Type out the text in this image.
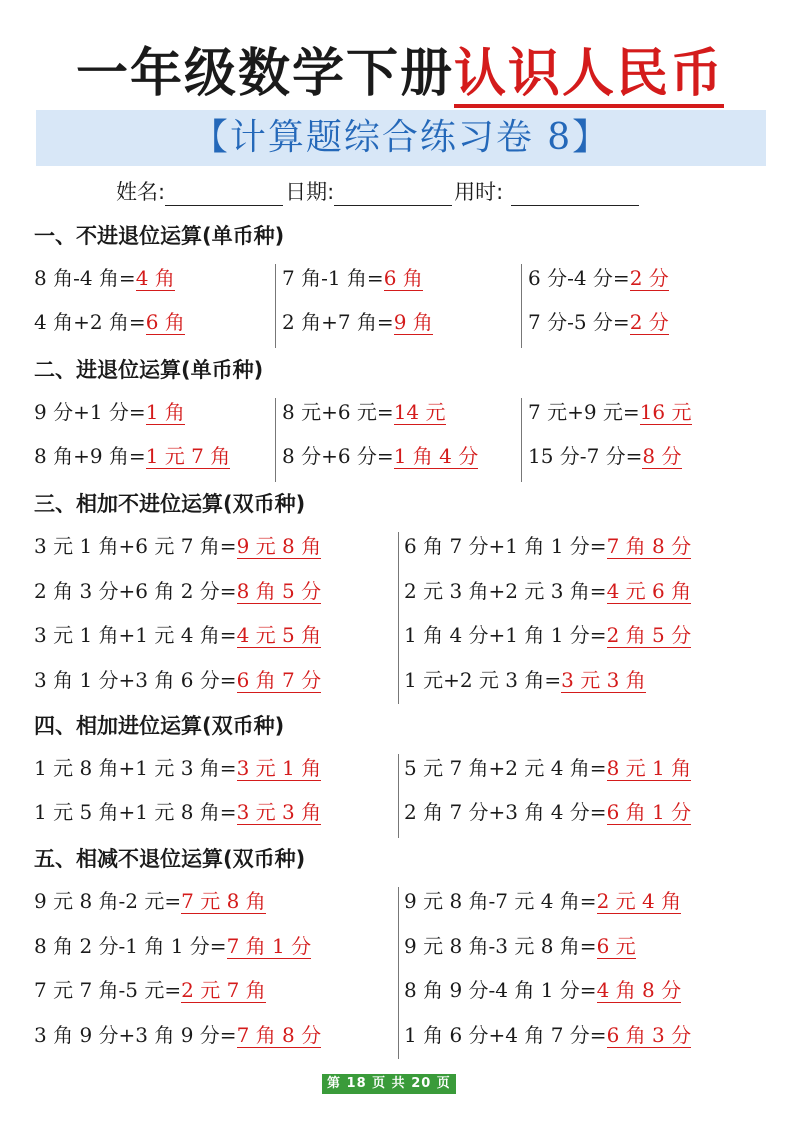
一年级数学下册认识人民币
【计算题综合练习卷 8】
姓名:	日期:	用时:
一、不进退位运算(单币种)
8 角-4 角=4 角
4 角+2 角=6 角
7 角-1 角=6 角
2 角+7 角=9 角
6 分-4 分=2 分
7 分-5 分=2 分
二、进退位运算(单币种)
9 分+1 分=1 角
8 角+9 角=1 元 7 角
8 元+6 元=14 元
8 分+6 分=1 角 4 分
7 元+9 元=16 元
15 分-7 分=8 分
三、相加不进位运算(双币种)
3 元 1 角+6 元 7 角=9 元 8 角
2 角 3 分+6 角 2 分=8 角 5 分
3 元 1 角+1 元 4 角=4 元 5 角
3 角 1 分+3 角 6 分=6 角 7 分
6 角 7 分+1 角 1 分=7 角 8 分
2 元 3 角+2 元 3 角=4 元 6 角
1 角 4 分+1 角 1 分=2 角 5 分
1 元+2 元 3 角=3 元 3 角
四、相加进位运算(双币种)
1 元 8 角+1 元 3 角=3 元 1 角
1 元 5 角+1 元 8 角=3 元 3 角
5 元 7 角+2 元 4 角=8 元 1 角
2 角 7 分+3 角 4 分=6 角 1 分
五、相减不退位运算(双币种)
9 元 8 角-2 元=7 元 8 角
8 角 2 分-1 角 1 分=7 角 1 分
7 元 7 角-5 元=2 元 7 角
3 角 9 分+3 角 9 分=7 角 8 分
9 元 8 角-7 元 4 角=2 元 4 角
9 元 8 角-3 元 8 角=6 元
8 角 9 分-4 角 1 分=4 角 8 分
1 角 6 分+4 角 7 分=6 角 3 分
第 18 页 共 20 页
